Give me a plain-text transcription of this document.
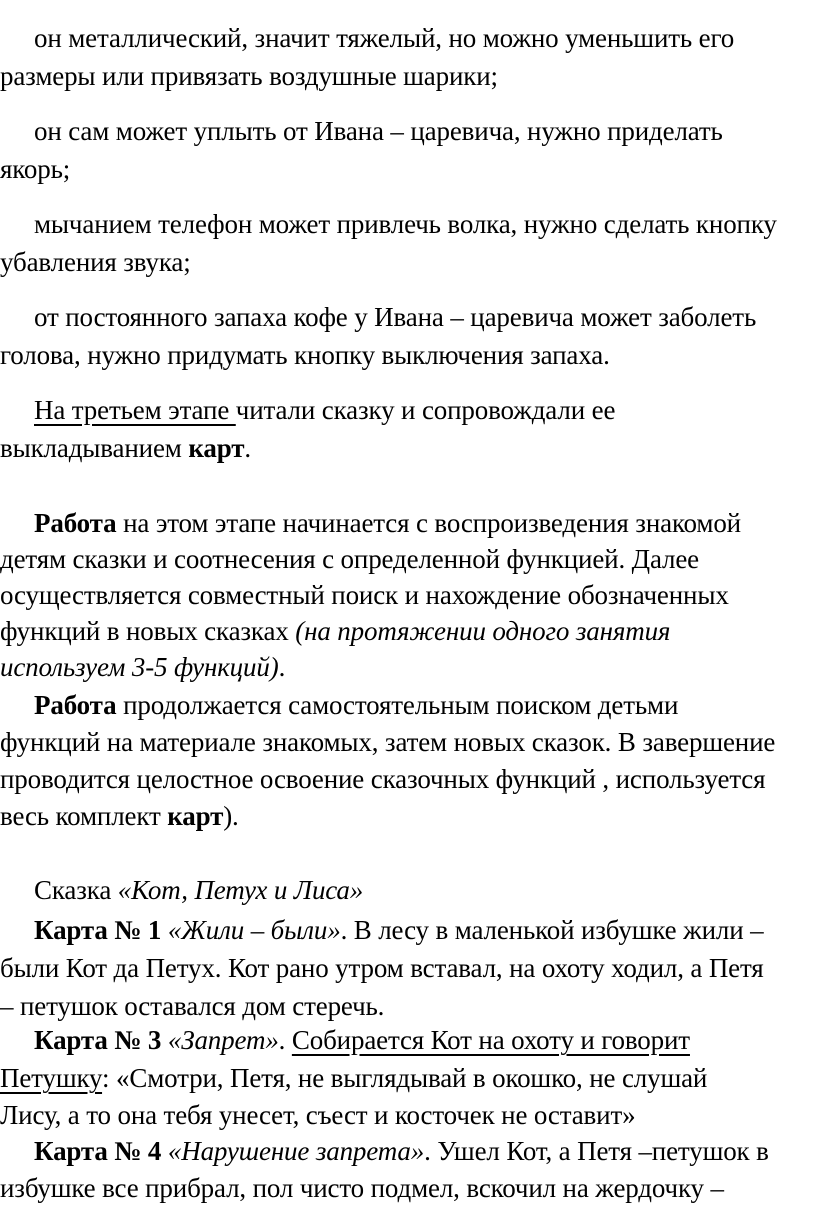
он металлический, значит тяжелый, но можно уменьшить его
размеры или привязать воздушные шарики;
он сам может уплыть от Ивана – царевича, нужно приделать
якорь;
мычанием телефон может привлечь волка, нужно сделать кнопку
убавления звука;
от постоянного запаха кофе у Ивана – царевича может заболеть
голова, нужно придумать кнопку выключения запаха.
На третьем этапе читали сказку и сопровождали ее
выкладыванием карт.
Работа на этом этапе начинается с воспроизведения знакомой
детям сказки и соотнесения с определенной функцией. Далее
осуществляется совместный поиск и нахождение обозначенных
функций в новых сказках (на протяжении одного занятия
используем 3-5 функций).
Работа продолжается самостоятельным поиском детьми
функций на материале знакомых, затем новых сказок. В завершение
проводится целостное освоение сказочных функций , используется
весь комплект карт).
Сказка «Кот, Петух и Лиса»
Карта № 1 «Жили – были». В лесу в маленькой избушке жили –
были Кот да Петух. Кот рано утром вставал, на охоту ходил, а Петя
– петушок оставался дом стеречь.
Карта № 3 «Запрет». Собирается Кот на охоту и говорит
Петушку: «Смотри, Петя, не выглядывай в окошко, не слушай
Лису, а то она тебя унесет, съест и косточек не оставит»
Карта № 4 «Нарушение запрета». Ушел Кот, а Петя –петушок в
избушке все прибрал, пол чисто подмел, вскочил на жердочку –
